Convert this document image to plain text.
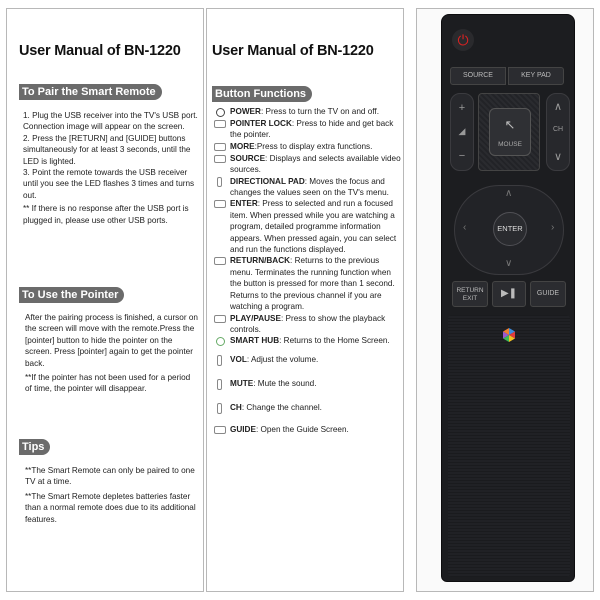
User Manual of BN-1220
To Pair the Smart Remote
1. Plug the USB receiver into the TV's USB port. Connection image will appear on the screen.
2. Press the [RETURN] and [GUIDE] buttons simultaneously for at least 3 seconds, until the LED is lighted.
3. Point the remote towards the USB receiver until you see the LED flashes 3 times and turns out.
** If there is no response after the USB port is plugged in, please use other USB ports.
To Use the Pointer
After the pairing process is finished, a cursor on the screen will move with the remote.Press the [pointer] button to hide the pointer on the screen. Press [pointer] again to get the pointer back.
**If the pointer has not been used for a period of time, the pointer will disappear.
Tips
**The Smart Remote can only be paired to one TV at a time.
**The Smart Remote depletes batteries faster than a normal remote does due to its additional features.
User Manual of BN-1220
Button Functions
POWER: Press to turn the TV on and off.
POINTER LOCK: Press to hide and get back the pointer.
MORE:Press to display extra functions.
SOURCE: Displays and selects available video sources.
DIRECTIONAL PAD: Moves the focus and changes the values seen on the TV's menu.
ENTER: Press to selected and run a focused item. When pressed while you are watching a program, detailed programme information appears. When pressed again, you can select and run the functions displayed.
RETURN/BACK: Returns to the previous menu. Terminates the running function when the button is pressed for more than 1 second. Returns to the previous channel if you are watching a program.
PLAY/PAUSE: Press to show the playback controls.
SMART HUB: Returns to the Home Screen.
VOL: Adjust the volume.
MUTE: Mute the sound.
CH: Change the channel.
GUIDE: Open the Guide Screen.
⏻
SOURCE	KEY PAD
+
◢
−
↖
MOUSE
∧
CH
∨
∧
∨
‹	›
ENTER
RETURN EXIT	▶❚	GUIDE
